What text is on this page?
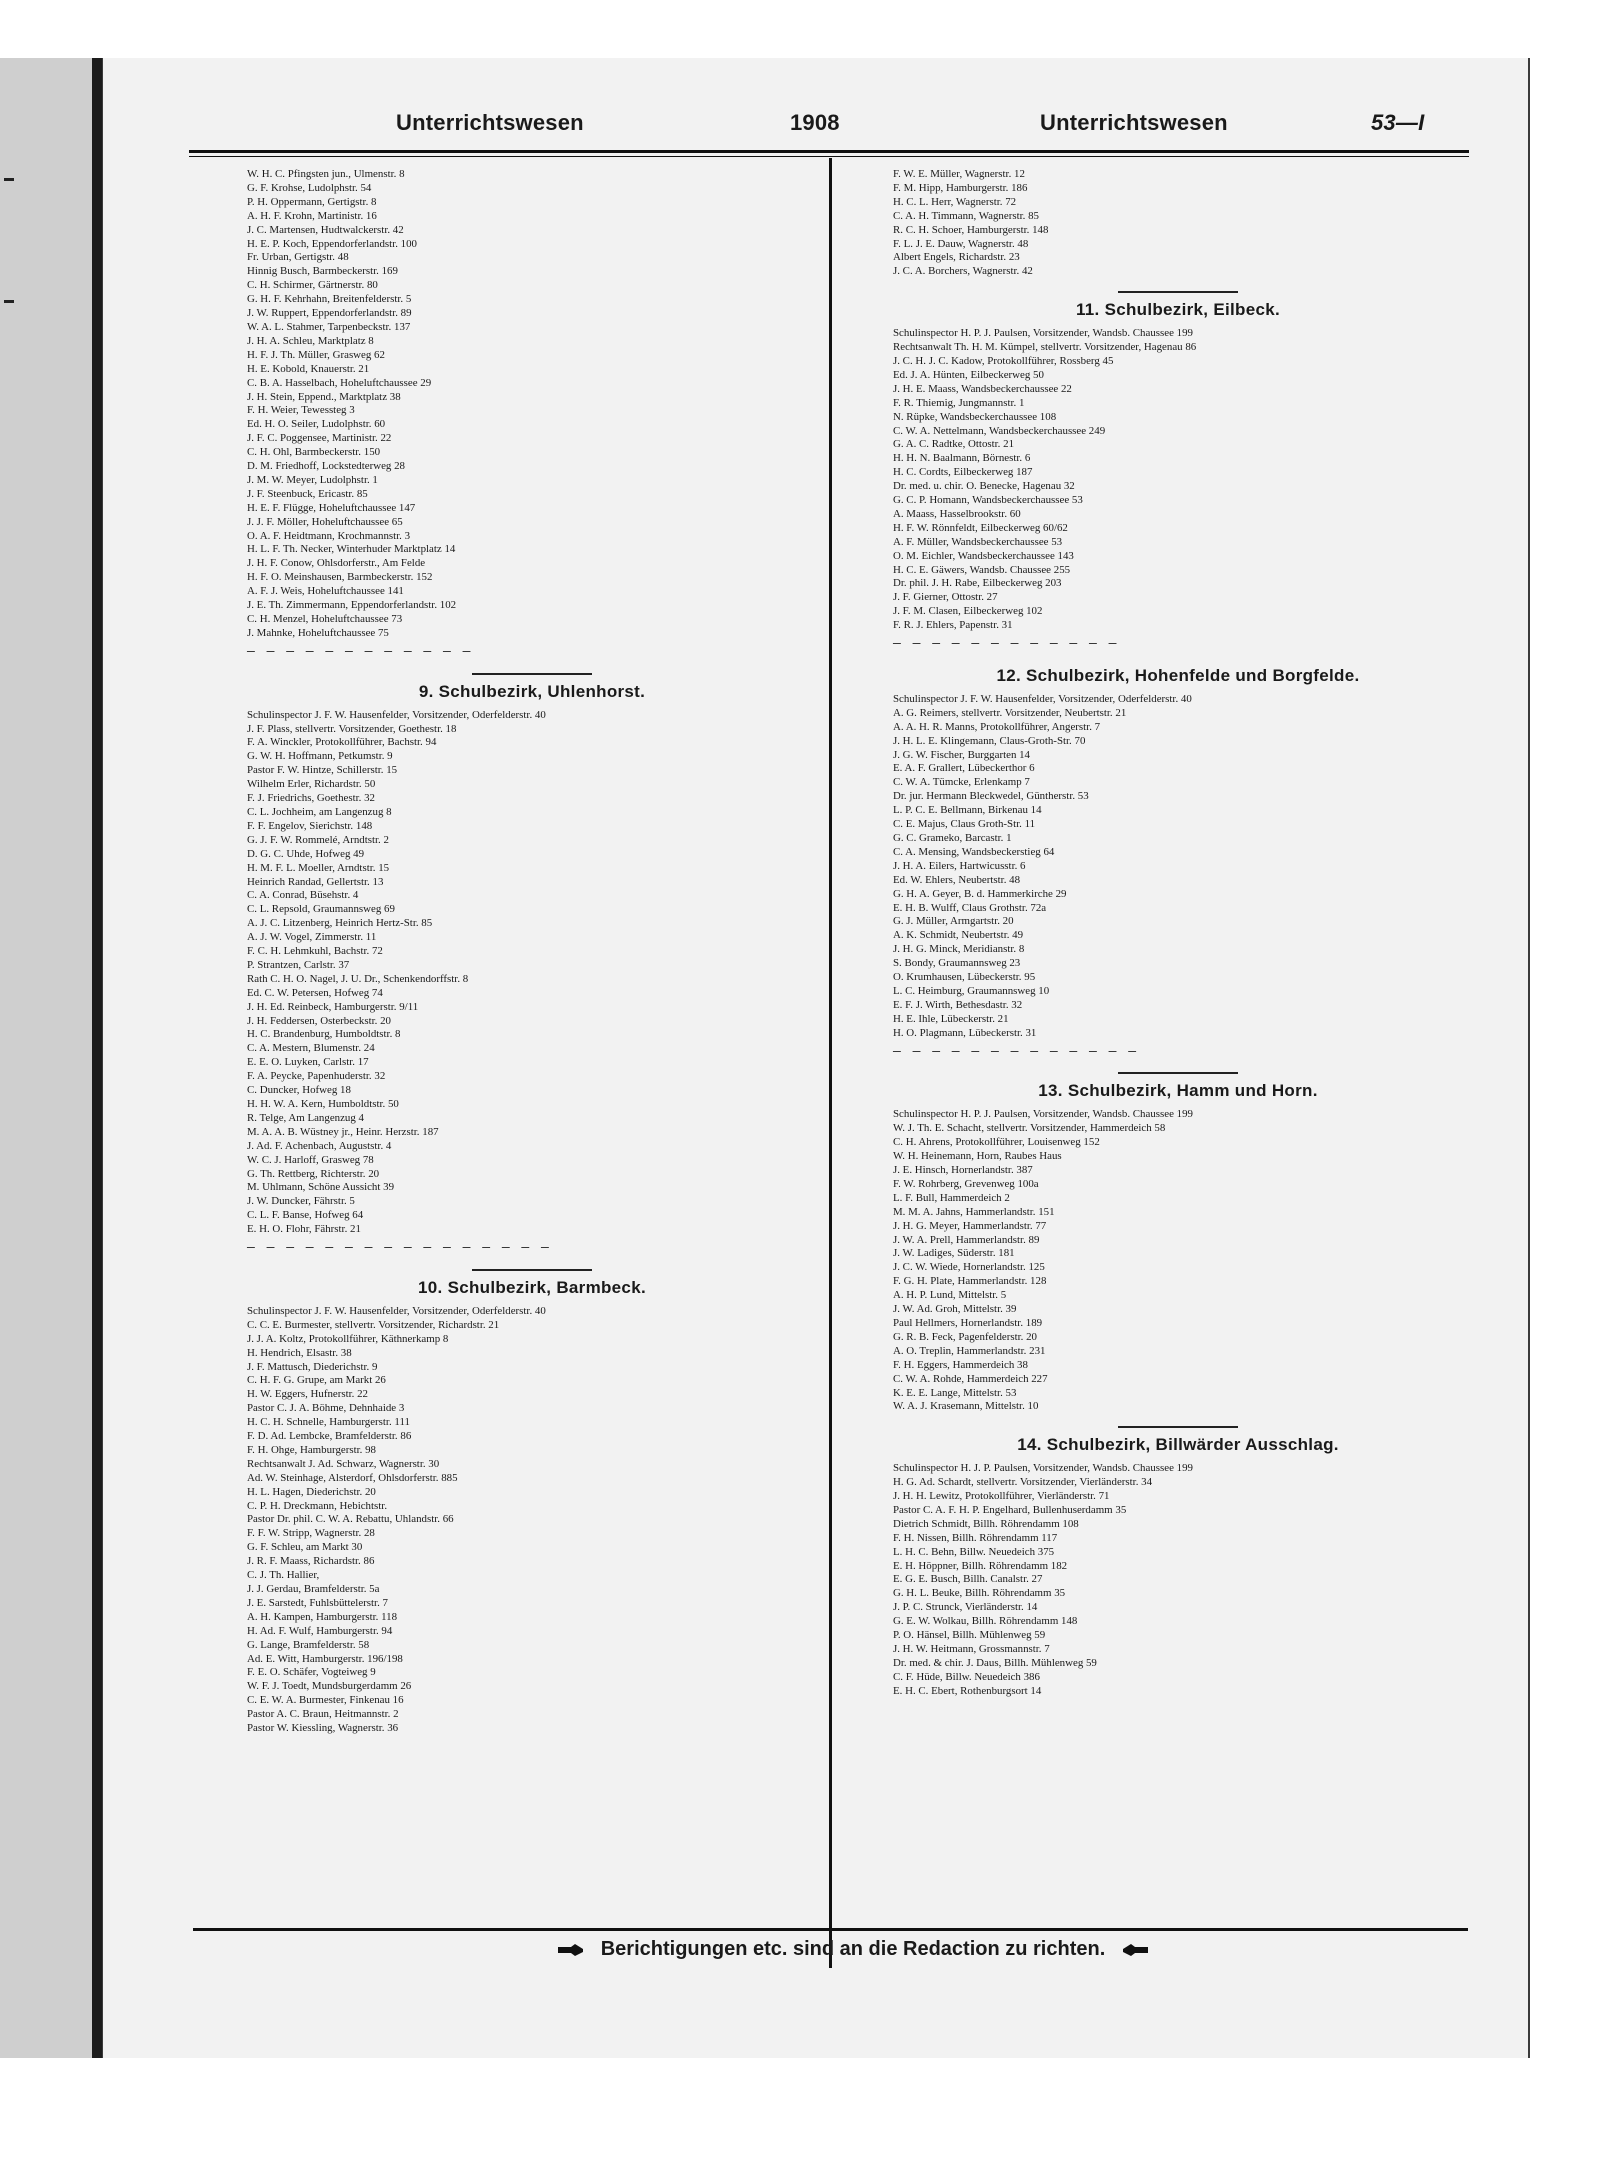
Unterrichtswesen	1908	Unterrichtswesen	53—I
W. H. C. Pfingsten jun., Ulmenstr. 8
G. F. Krohse, Ludolphstr. 54
P. H. Oppermann, Gertigstr. 8
A. H. F. Krohn, Martinistr. 16
J. C. Martensen, Hudtwalckerstr. 42
H. E. P. Koch, Eppendorferlandstr. 100
Fr. Urban, Gertigstr. 48
Hinnig Busch, Barmbeckerstr. 169
C. H. Schirmer, Gärtnerstr. 80
G. H. F. Kehrhahn, Breitenfelderstr. 5
J. W. Ruppert, Eppendorferlandstr. 89
W. A. L. Stahmer, Tarpenbeckstr. 137
J. H. A. Schleu, Marktplatz 8
H. F. J. Th. Müller, Grasweg 62
H. E. Kobold, Knauerstr. 21
C. B. A. Hasselbach, Hoheluftchaussee 29
J. H. Stein, Eppend., Marktplatz 38
F. H. Weier, Tewessteg 3
Ed. H. O. Seiler, Ludolphstr. 60
J. F. C. Poggensee, Martinistr. 22
C. H. Ohl, Barmbeckerstr. 150
D. M. Friedhoff, Lockstedterweg 28
J. M. W. Meyer, Ludolphstr. 1
J. F. Steenbuck, Ericastr. 85
H. E. F. Flügge, Hoheluftchaussee 147
J. J. F. Möller, Hoheluftchaussee 65
O. A. F. Heidtmann, Krochmannstr. 3
H. L. F. Th. Necker, Winterhuder Marktplatz 14
J. H. F. Conow, Ohlsdorferstr., Am Felde
H. F. O. Meinshausen, Barmbeckerstr. 152
A. F. J. Weis, Hoheluftchaussee 141
J. E. Th. Zimmermann, Eppendorferlandstr. 102
C. H. Menzel, Hoheluftchaussee 73
J. Mahnke, Hoheluftchaussee 75
— — — — — — — — — — — —
9. Schulbezirk, Uhlenhorst.
Schulinspector J. F. W. Hausenfelder, Vorsitzender, Oderfelderstr. 40
J. F. Plass, stellvertr. Vorsitzender, Goethestr. 18
F. A. Winckler, Protokollführer, Bachstr. 94
G. W. H. Hoffmann, Petkumstr. 9
Pastor F. W. Hintze, Schillerstr. 15
Wilhelm Erler, Richardstr. 50
F. J. Friedrichs, Goethestr. 32
C. L. Jochheim, am Langenzug 8
F. F. Engelov, Sierichstr. 148
G. J. F. W. Rommelé, Arndtstr. 2
D. G. C. Uhde, Hofweg 49
H. M. F. L. Moeller, Arndtstr. 15
Heinrich Randad, Gellertstr. 13
C. A. Conrad, Büsehstr. 4
C. L. Repsold, Graumannsweg 69
A. J. C. Litzenberg, Heinrich Hertz-Str. 85
A. J. W. Vogel, Zimmerstr. 11
F. C. H. Lehmkuhl, Bachstr. 72
P. Strantzen, Carlstr. 37
Rath C. H. O. Nagel, J. U. Dr., Schenkendorffstr. 8
Ed. C. W. Petersen, Hofweg 74
J. H. Ed. Reinbeck, Hamburgerstr. 9/11
J. H. Feddersen, Osterbeckstr. 20
H. C. Brandenburg, Humboldtstr. 8
C. A. Mestern, Blumenstr. 24
E. E. O. Luyken, Carlstr. 17
F. A. Peycke, Papenhuderstr. 32
C. Duncker, Hofweg 18
H. H. W. A. Kern, Humboldtstr. 50
R. Telge, Am Langenzug 4
M. A. A. B. Wüstney jr., Heinr. Herzstr. 187
J. Ad. F. Achenbach, Auguststr. 4
W. C. J. Harloff, Grasweg 78
G. Th. Rettberg, Richterstr. 20
M. Uhlmann, Schöne Aussicht 39
J. W. Duncker, Fährstr. 5
C. L. F. Banse, Hofweg 64
E. H. O. Flohr, Fährstr. 21
— — — — — — — — — — — — — — — —
10. Schulbezirk, Barmbeck.
Schulinspector J. F. W. Hausenfelder, Vorsitzender, Oderfelderstr. 40
C. C. E. Burmester, stellvertr. Vorsitzender, Richardstr. 21
J. J. A. Koltz, Protokollführer, Käthnerkamp 8
H. Hendrich, Elsastr. 38
J. F. Mattusch, Diederichstr. 9
C. H. F. G. Grupe, am Markt 26
H. W. Eggers, Hufnerstr. 22
Pastor C. J. A. Böhme, Dehnhaide 3
H. C. H. Schnelle, Hamburgerstr. 111
F. D. Ad. Lembcke, Bramfelderstr. 86
F. H. Ohge, Hamburgerstr. 98
Rechtsanwalt J. Ad. Schwarz, Wagnerstr. 30
Ad. W. Steinhage, Alsterdorf, Ohlsdorferstr. 885
H. L. Hagen, Diederichstr. 20
C. P. H. Dreckmann, Hebichtstr.
Pastor Dr. phil. C. W. A. Rebattu, Uhlandstr. 66
F. F. W. Stripp, Wagnerstr. 28
G. F. Schleu, am Markt 30
J. R. F. Maass, Richardstr. 86
C. J. Th. Hallier,
J. J. Gerdau, Bramfelderstr. 5a
J. E. Sarstedt, Fuhlsbüttelerstr. 7
A. H. Kampen, Hamburgerstr. 118
H. Ad. F. Wulf, Hamburgerstr. 94
G. Lange, Bramfelderstr. 58
Ad. E. Witt, Hamburgerstr. 196/198
F. E. O. Schäfer, Vogteiweg 9
W. F. J. Toedt, Mundsburgerdamm 26
C. E. W. A. Burmester, Finkenau 16
Pastor A. C. Braun, Heitmannstr. 2
Pastor W. Kiessling, Wagnerstr. 36
F. W. E. Müller, Wagnerstr. 12
F. M. Hipp, Hamburgerstr. 186
H. C. L. Herr, Wagnerstr. 72
C. A. H. Timmann, Wagnerstr. 85
R. C. H. Schoer, Hamburgerstr. 148
F. L. J. E. Dauw, Wagnerstr. 48
Albert Engels, Richardstr. 23
J. C. A. Borchers, Wagnerstr. 42
11. Schulbezirk, Eilbeck.
Schulinspector H. P. J. Paulsen, Vorsitzender, Wandsb. Chaussee 199
Rechtsanwalt Th. H. M. Kümpel, stellvertr. Vorsitzender, Hagenau 86
J. C. H. J. C. Kadow, Protokollführer, Rossberg 45
Ed. J. A. Hünten, Eilbeckerweg 50
J. H. E. Maass, Wandsbeckerchaussee 22
F. R. Thiemig, Jungmannstr. 1
N. Rüpke, Wandsbeckerchaussee 108
C. W. A. Nettelmann, Wandsbeckerchaussee 249
G. A. C. Radtke, Ottostr. 21
H. H. N. Baalmann, Börnestr. 6
H. C. Cordts, Eilbeckerweg 187
Dr. med. u. chir. O. Benecke, Hagenau 32
G. C. P. Homann, Wandsbeckerchaussee 53
A. Maass, Hasselbrookstr. 60
H. F. W. Rönnfeldt, Eilbeckerweg 60/62
A. F. Müller, Wandsbeckerchaussee 53
O. M. Eichler, Wandsbeckerchaussee 143
H. C. E. Gäwers, Wandsb. Chaussee 255
Dr. phil. J. H. Rabe, Eilbeckerweg 203
J. F. Gierner, Ottostr. 27
J. F. M. Clasen, Eilbeckerweg 102
F. R. J. Ehlers, Papenstr. 31
— — — — — — — — — — — —
12. Schulbezirk, Hohenfelde und Borgfelde.
Schulinspector J. F. W. Hausenfelder, Vorsitzender, Oderfelderstr. 40
A. G. Reimers, stellvertr. Vorsitzender, Neubertstr. 21
A. A. H. R. Manns, Protokollführer, Angerstr. 7
J. H. L. E. Klingemann, Claus-Groth-Str. 70
J. G. W. Fischer, Burggarten 14
E. A. F. Grallert, Lübeckerthor 6
C. W. A. Tümcke, Erlenkamp 7
Dr. jur. Hermann Bleckwedel, Güntherstr. 53
L. P. C. E. Bellmann, Birkenau 14
C. E. Majus, Claus Groth-Str. 11
G. C. Grameko, Barcastr. 1
C. A. Mensing, Wandsbeckerstieg 64
J. H. A. Eilers, Hartwicusstr. 6
Ed. W. Ehlers, Neubertstr. 48
G. H. A. Geyer, B. d. Hammerkirche 29
E. H. B. Wulff, Claus Grothstr. 72a
G. J. Müller, Armgartstr. 20
A. K. Schmidt, Neubertstr. 49
J. H. G. Minck, Meridianstr. 8
S. Bondy, Graumannsweg 23
O. Krumhausen, Lübeckerstr. 95
L. C. Heimburg, Graumannsweg 10
E. F. J. Wirth, Bethesdastr. 32
H. E. Ihle, Lübeckerstr. 21
H. O. Plagmann, Lübeckerstr. 31
— — — — — — — — — — — — —
13. Schulbezirk, Hamm und Horn.
Schulinspector H. P. J. Paulsen, Vorsitzender, Wandsb. Chaussee 199
W. J. Th. E. Schacht, stellvertr. Vorsitzender, Hammerdeich 58
C. H. Ahrens, Protokollführer, Louisenweg 152
W. H. Heinemann, Horn, Raubes Haus
J. E. Hinsch, Hornerlandstr. 387
F. W. Rohrberg, Grevenweg 100a
L. F. Bull, Hammerdeich 2
M. M. A. Jahns, Hammerlandstr. 151
J. H. G. Meyer, Hammerlandstr. 77
J. W. A. Prell, Hammerlandstr. 89
J. W. Ladiges, Süderstr. 181
J. C. W. Wiede, Hornerlandstr. 125
F. G. H. Plate, Hammerlandstr. 128
A. H. P. Lund, Mittelstr. 5
J. W. Ad. Groh, Mittelstr. 39
Paul Hellmers, Hornerlandstr. 189
G. R. B. Feck, Pagenfelderstr. 20
A. O. Treplin, Hammerlandstr. 231
F. H. Eggers, Hammerdeich 38
C. W. A. Rohde, Hammerdeich 227
K. E. E. Lange, Mittelstr. 53
W. A. J. Krasemann, Mittelstr. 10
14. Schulbezirk, Billwärder Ausschlag.
Schulinspector H. J. P. Paulsen, Vorsitzender, Wandsb. Chaussee 199
H. G. Ad. Schardt, stellvertr. Vorsitzender, Vierländerstr. 34
J. H. H. Lewitz, Protokollführer, Vierländerstr. 71
Pastor C. A. F. H. P. Engelhard, Bullenhuserdamm 35
Dietrich Schmidt, Billh. Röhrendamm 108
F. H. Nissen, Billh. Röhrendamm 117
L. H. C. Behn, Billw. Neuedeich 375
E. H. Höppner, Billh. Röhrendamm 182
E. G. E. Busch, Billh. Canalstr. 27
G. H. L. Beuke, Billh. Röhrendamm 35
J. P. C. Strunck, Vierländerstr. 14
G. E. W. Wolkau, Billh. Röhrendamm 148
P. O. Hänsel, Billh. Mühlenweg 59
J. H. W. Heitmann, Grossmannstr. 7
Dr. med. & chir. J. Daus, Billh. Mühlenweg 59
C. F. Hüde, Billw. Neuedeich 386
E. H. C. Ebert, Rothenburgsort 14
Berichtigungen etc. sind an die Redaction zu richten.
